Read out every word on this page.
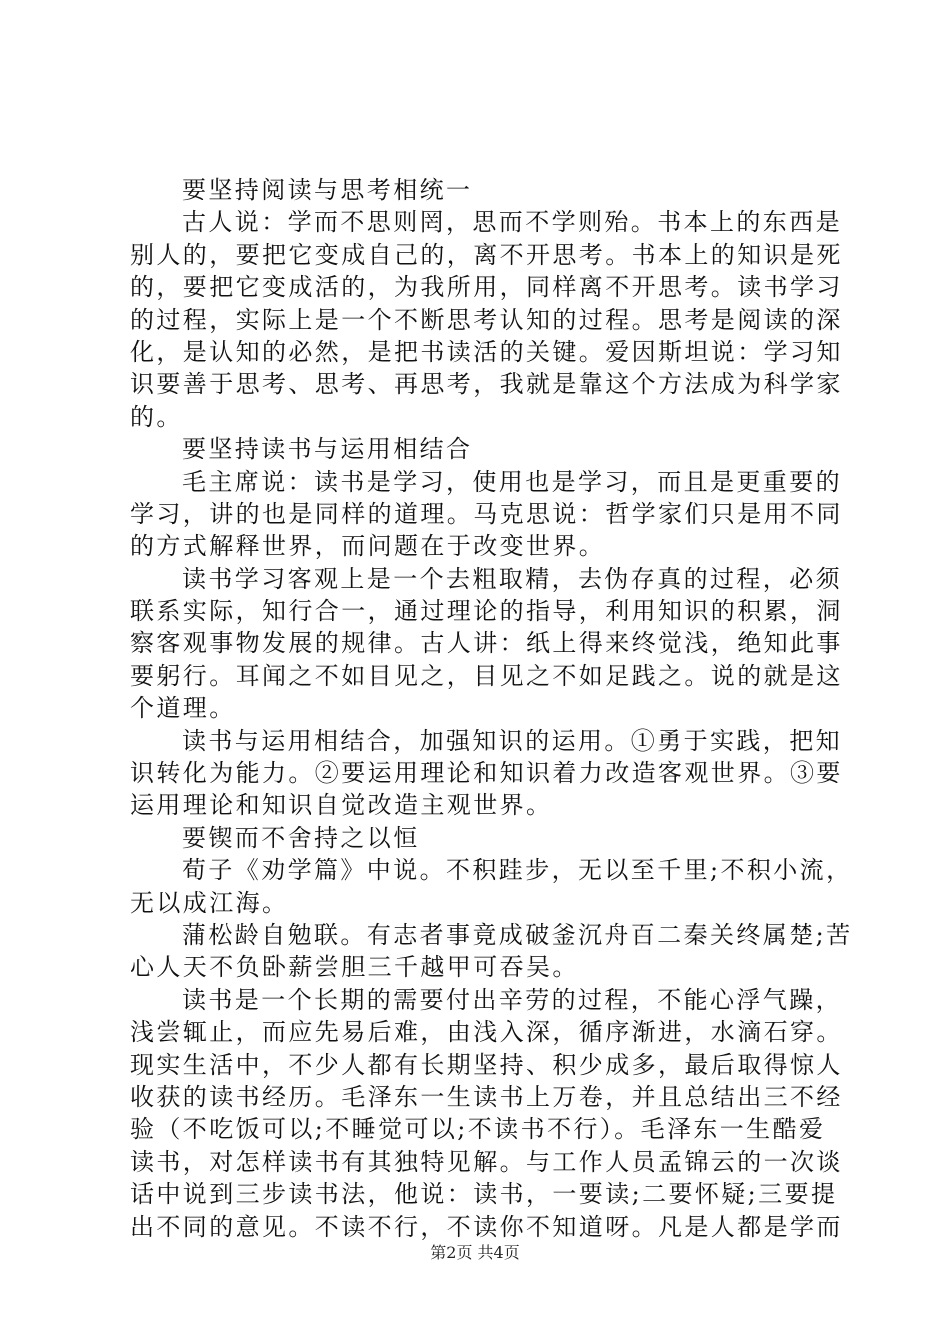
要坚持阅读与思考相统一
古人说：学而不思则罔，思而不学则殆。书本上的东西是
别人的，要把它变成自己的，离不开思考。书本上的知识是死
的，要把它变成活的，为我所用，同样离不开思考。读书学习
的过程，实际上是一个不断思考认知的过程。思考是阅读的深
化，是认知的必然，是把书读活的关键。爱因斯坦说：学习知
识要善于思考、思考、再思考，我就是靠这个方法成为科学家
的。
要坚持读书与运用相结合
毛主席说：读书是学习，使用也是学习，而且是更重要的
学习，讲的也是同样的道理。马克思说：哲学家们只是用不同
的方式解释世界，而问题在于改变世界。
读书学习客观上是一个去粗取精，去伪存真的过程，必须
联系实际，知行合一，通过理论的指导，利用知识的积累，洞
察客观事物发展的规律。古人讲：纸上得来终觉浅，绝知此事
要躬行。耳闻之不如目见之，目见之不如足践之。说的就是这
个道理。
读书与运用相结合，加强知识的运用。①勇于实践，把知
识转化为能力。②要运用理论和知识着力改造客观世界。③要
运用理论和知识自觉改造主观世界。
要锲而不舍持之以恒
荀子《劝学篇》中说。不积跬步，无以至千里;不积小流，
无以成江海。
蒲松龄自勉联。有志者事竟成破釜沉舟百二秦关终属楚;苦
心人天不负卧薪尝胆三千越甲可吞吴。
读书是一个长期的需要付出辛劳的过程，不能心浮气躁，
浅尝辄止，而应先易后难，由浅入深，循序渐进，水滴石穿。
现实生活中，不少人都有长期坚持、积少成多，最后取得惊人
收获的读书经历。毛泽东一生读书上万卷，并且总结出三不经
验（不吃饭可以;不睡觉可以;不读书不行）。毛泽东一生酷爱
读书，对怎样读书有其独特见解。与工作人员孟锦云的一次谈
话中说到三步读书法，他说：读书，一要读;二要怀疑;三要提
出不同的意见。不读不行，不读你不知道呀。凡是人都是学而
第2页 共4页
